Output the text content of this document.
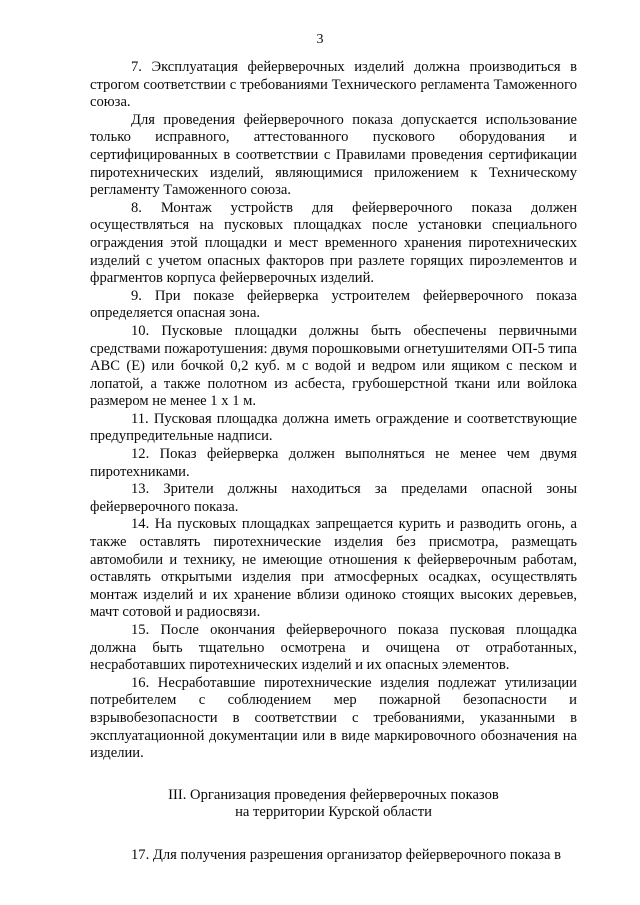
3

7. Эксплуатация фейерверочных изделий должна производиться в строгом соответствии с требованиями Технического регламента Таможенного союза.

Для проведения фейерверочного показа допускается использование только исправного, аттестованного пускового оборудования и сертифицированных в соответствии с Правилами проведения сертификации пиротехнических изделий, являющимися приложением к Техническому регламенту Таможенного союза.

8. Монтаж устройств для фейерверочного показа должен осуществляться на пусковых площадках после установки специального ограждения этой площадки и мест временного хранения пиротехнических изделий с учетом опасных факторов при разлете горящих пироэлементов и фрагментов корпуса фейерверочных изделий.

9. При показе фейерверка устроителем фейерверочного показа определяется опасная зона.

10. Пусковые площадки должны быть обеспечены первичными средствами пожаротушения: двумя порошковыми огнетушителями ОП-5 типа АВС (Е) или бочкой 0,2 куб. м с водой и ведром или ящиком с песком и лопатой, а также полотном из асбеста, грубошерстной ткани или войлока размером не менее 1 x 1 м.

11. Пусковая площадка должна иметь ограждение и соответствующие предупредительные надписи.

12. Показ фейерверка должен выполняться не менее чем двумя пиротехниками.

13. Зрители должны находиться за пределами опасной зоны фейерверочного показа.

14. На пусковых площадках запрещается курить и разводить огонь, а также оставлять пиротехнические изделия без присмотра, размещать автомобили и технику, не имеющие отношения к фейерверочным работам, оставлять открытыми изделия при атмосферных осадках, осуществлять монтаж изделий и их хранение вблизи одиноко стоящих высоких деревьев, мачт сотовой и радиосвязи.

15. После окончания фейерверочного показа пусковая площадка должна быть тщательно осмотрена и очищена от отработанных, несработавших пиротехнических изделий и их опасных элементов.

16. Несработавшие пиротехнические изделия подлежат утилизации потребителем с соблюдением мер пожарной безопасности и взрывобезопасности в соответствии с требованиями, указанными в эксплуатационной документации или в виде маркировочного обозначения на изделии.

III. Организация проведения фейерверочных показов
на территории Курской области

17. Для получения разрешения организатор фейерверочного показа в
